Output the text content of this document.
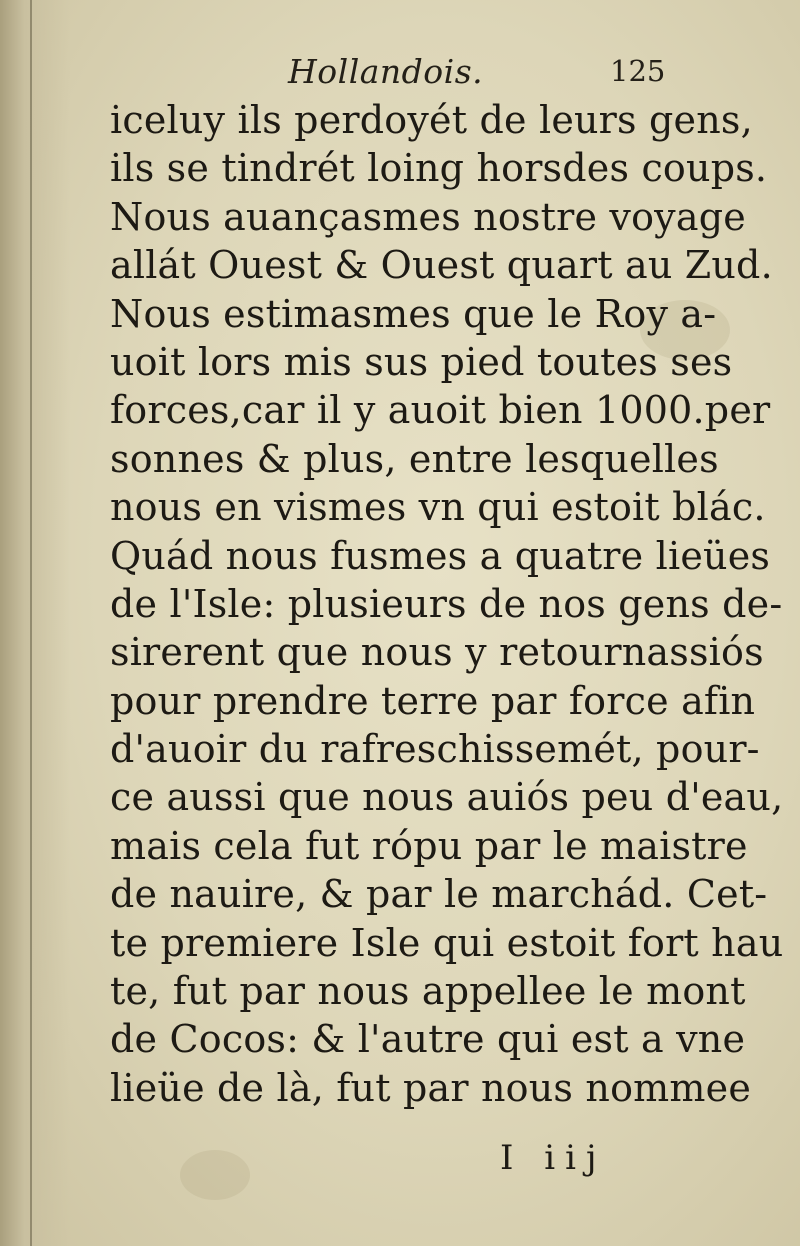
Hollandois.	125
iceluy ils perdoyét de leurs gens,
ils se tindrét loing horsdes coups.
Nous auançasmes nostre voyage
allát Ouest & Ouest quart au Zud.
Nous estimasmes que le Roy a-
uoit lors mis sus pied toutes ses
forces,car il y auoit bien 1000.per
sonnes & plus, entre lesquelles
nous en vismes vn qui estoit blác.
Quád nous fusmes a quatre lieües
de l'Isle: plusieurs de nos gens de-
sirerent que nous y retournassiós
pour prendre terre par force afin
d'auoir du rafreschissemét, pour-
ce aussi que nous auiós peu d'eau,
mais cela fut rópu par le maistre
de nauire, & par le marchád. Cet-
te premiere Isle qui estoit fort hau
te, fut par nous appellee le mont
de Cocos: & l'autre qui est a vne
lieüe de là, fut par nous nommee
I iij
